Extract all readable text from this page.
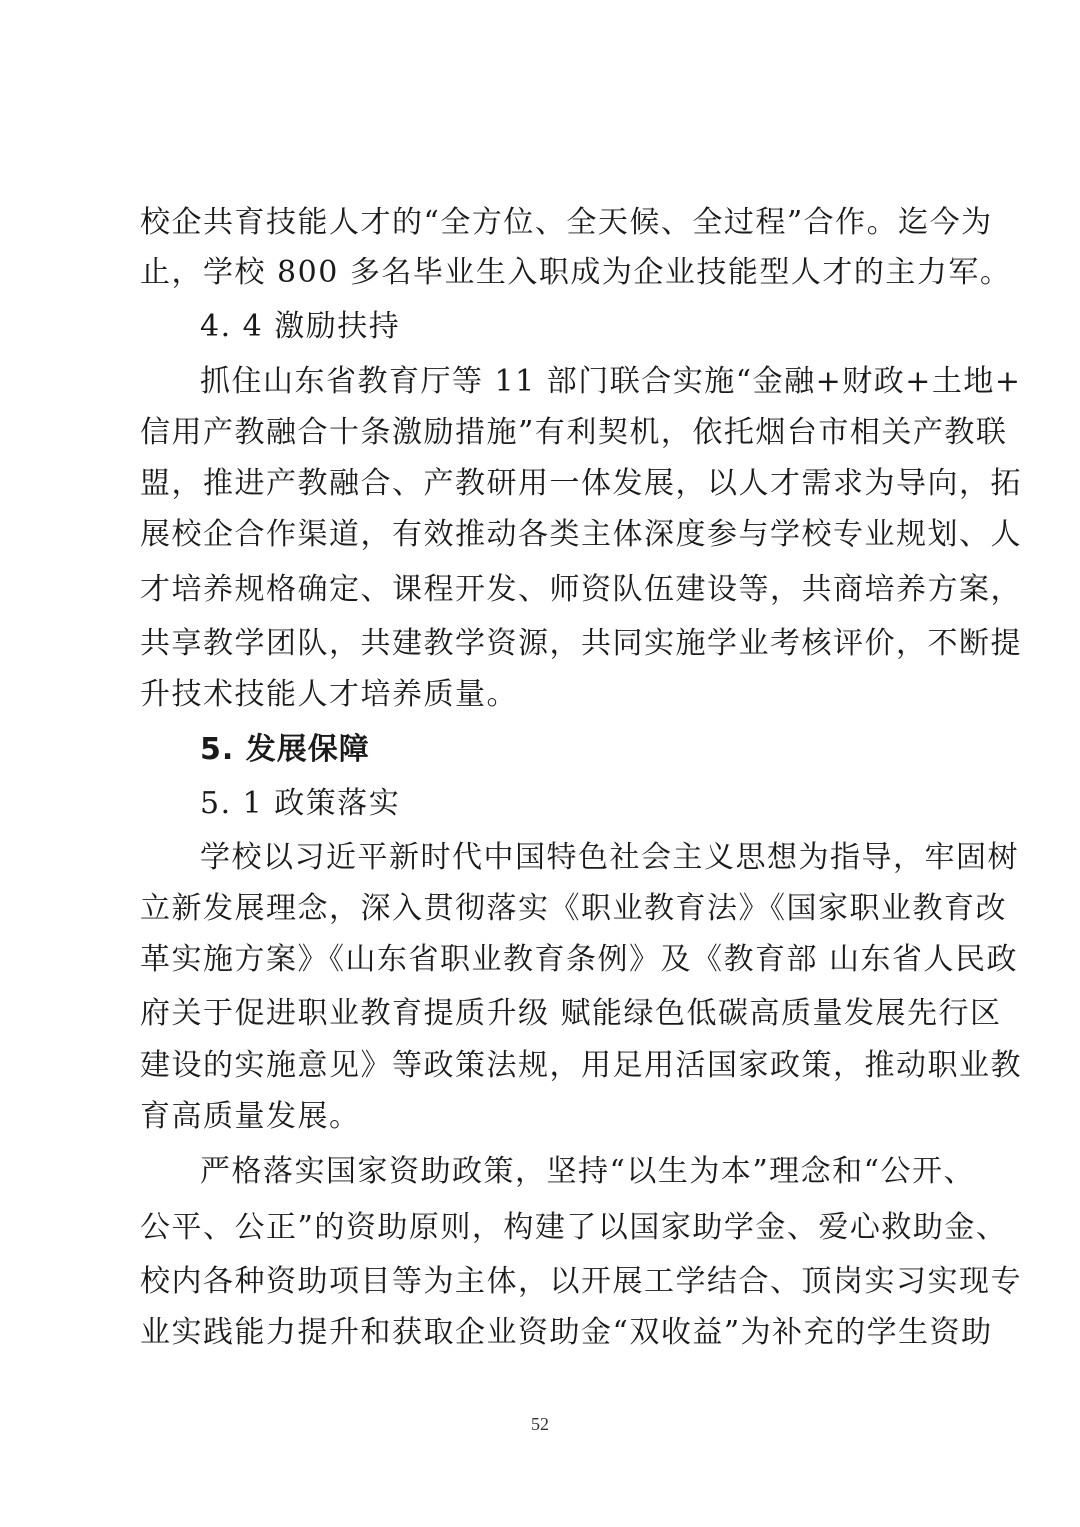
校企共育技能人才的“全方位、全天候、全过程”合作。迄今为
止，学校 800 多名毕业生入职成为企业技能型人才的主力军。
4. 4 激励扶持
抓住山东省教育厅等 11 部门联合实施“金融+财政+土地+
信用产教融合十条激励措施”有利契机，依托烟台市相关产教联
盟，推进产教融合、产教研用一体发展，以人才需求为导向，拓
展校企合作渠道，有效推动各类主体深度参与学校专业规划、人
才培养规格确定、课程开发、师资队伍建设等，共商培养方案，
共享教学团队，共建教学资源，共同实施学业考核评价，不断提
升技术技能人才培养质量。
5. 发展保障
5. 1 政策落实
学校以习近平新时代中国特色社会主义思想为指导，牢固树
立新发展理念，深入贯彻落实《职业教育法》《国家职业教育改
革实施方案》《山东省职业教育条例》及《教育部 山东省人民政
府关于促进职业教育提质升级 赋能绿色低碳高质量发展先行区
建设的实施意见》等政策法规，用足用活国家政策，推动职业教
育高质量发展。
严格落实国家资助政策，坚持“以生为本”理念和“公开、
公平、公正”的资助原则，构建了以国家助学金、爱心救助金、
校内各种资助项目等为主体，以开展工学结合、顶岗实习实现专
业实践能力提升和获取企业资助金“双收益”为补充的学生资助
52
